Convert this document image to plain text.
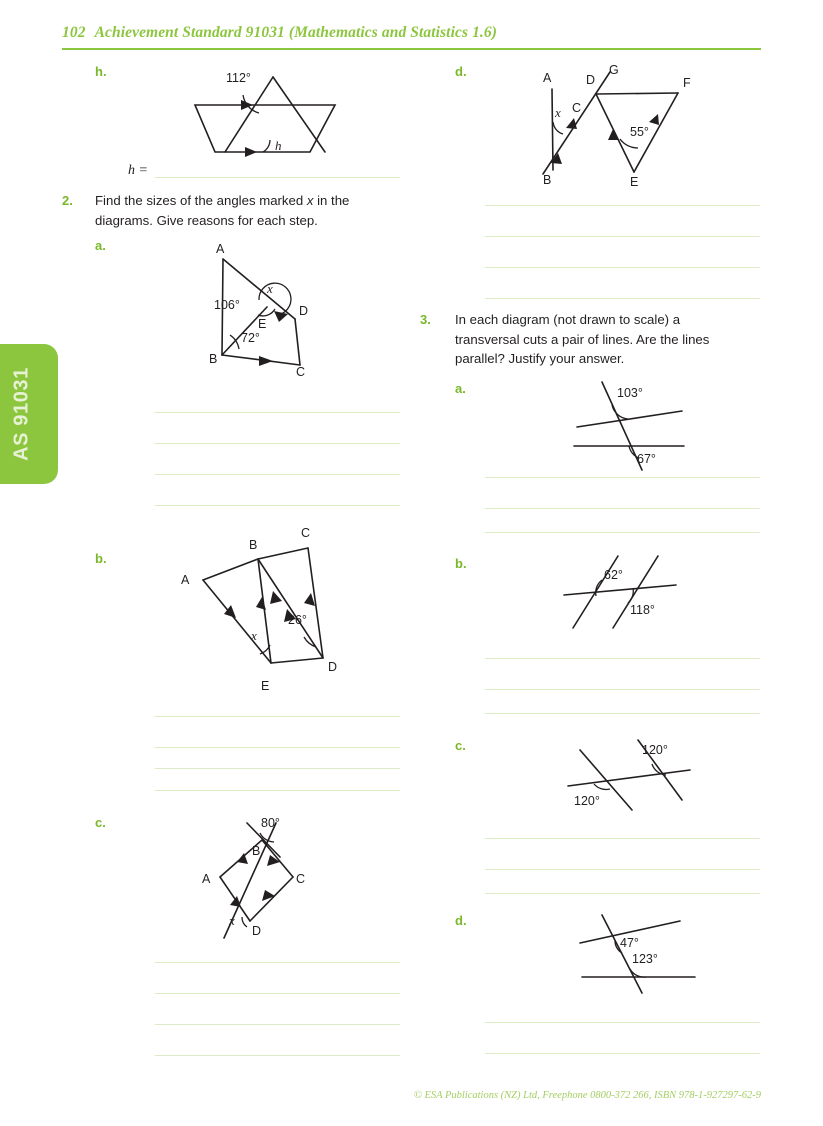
102 Achievement Standard 91031 (Mathematics and Statistics 1.6)
AS 91031
h.	112°
h
h =
2. Find the sizes of the angles marked x in the
diagrams. Give reasons for each step.
a.	A
B
C
D
E
106°
72°
x
b.
A
B
C
D
E
26°
x
c.
A
B
C
D
80°
x
d.	A
B
C
D
E
F
G
55°
x
3. In each diagram (not drawn to scale) a
transversal cuts a pair of lines. Are the lines
parallel? Justify your answer.
a.	103°
67°
b.
62°
118°
c.
120°
120°
d.
47°
123°
© ESA Publications (NZ) Ltd, Freephone 0800-372 266, ISBN 978-1-927297-62-9
